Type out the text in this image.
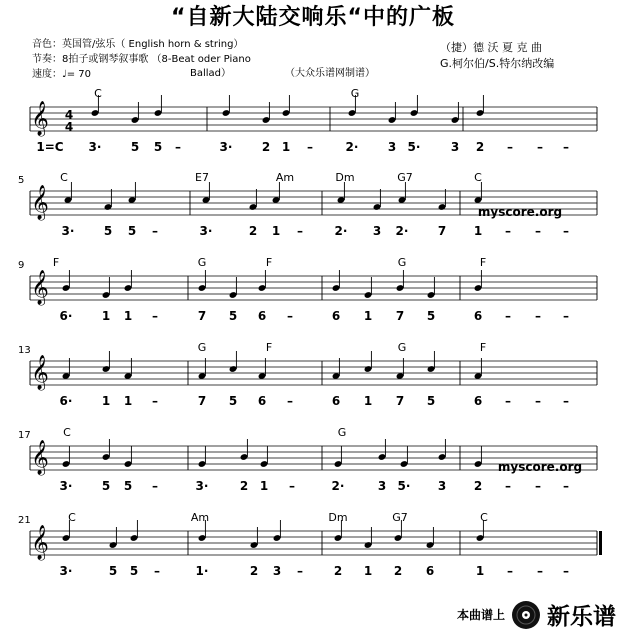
“自新大陆交响乐“中的广板
音色：英国管/弦乐（ English horn & string）
节奏：8拍子或钢琴叙事歌 （8-Beat oder Piano
速度：♩= 70	Ballad）	（大众乐谱网制谱）
（捷）德 沃 夏 克 曲
G.柯尔伯/S.特尔纳改编
𝄞
C	G
3· 5 5 –	3· 2 1 –	2· 3 5·	3 2 – – –
𝄞
5	C	E7	Am	Dm	G7	C
3· 5 5 –	3·	2 1 –	2· 3 2· 7 1 – – –
𝄞
9	F	G	F	G	F
6· 1 1 –	7 5 6 –	6 1 7 5	6 – – –
𝄞
13	G	F	G	F
6· 1 1 –	7 5 6 –	6 1 7 5	6 – – –
𝄞
17	C	G
3· 5 5 –	3·	2 1 –	2·	3 5· 3 2 – – –
𝄞
21	C	Am	Dm	G7	C
3·	5 5 –	1·	2 3 –	2 1 2 6	1 – – –
4
4
1=C
myscore.org
myscore.org
本曲谱上 新乐谱
